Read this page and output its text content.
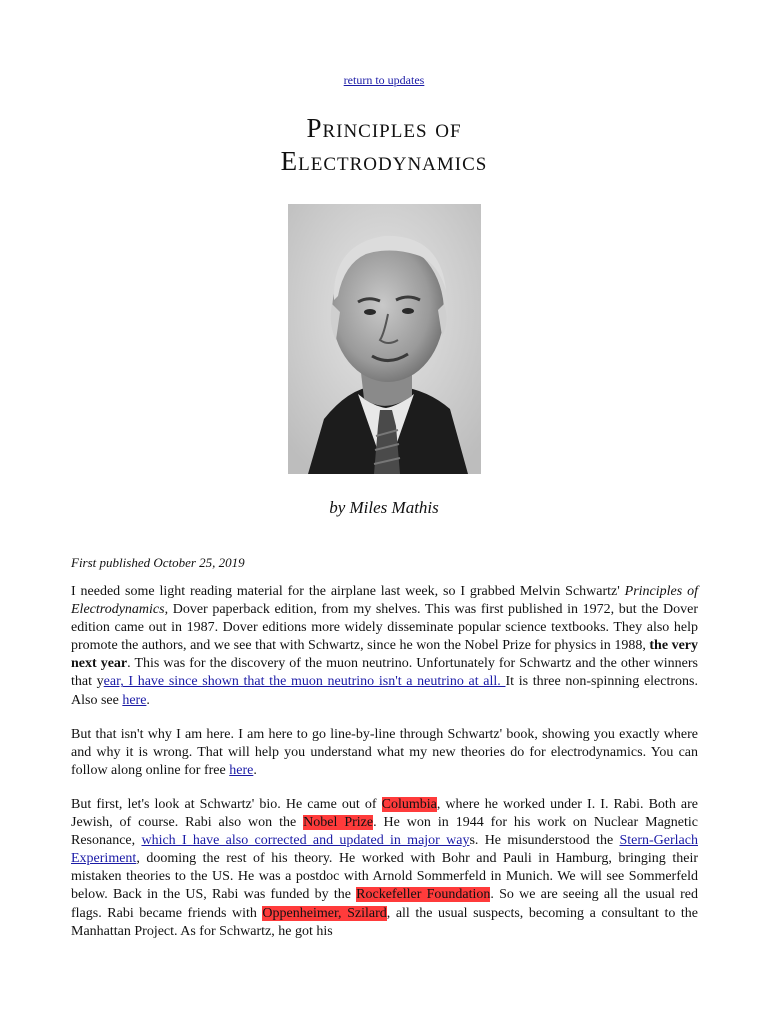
return to updates
Principles of
Electrodynamics
by Miles Mathis
First published October 25, 2019

I needed some light reading material for the airplane last week, so I grabbed Melvin Schwartz' Principles of Electrodynamics, Dover paperback edition, from my shelves. This was first published in 1972, but the Dover edition came out in 1987. Dover editions more widely disseminate popular science textbooks. They also help promote the authors, and we see that with Schwartz, since he won the Nobel Prize for physics in 1988, the very next year. This was for the discovery of the muon neutrino. Unfortunately for Schwartz and the other winners that year, I have since shown that the muon neutrino isn't a neutrino at all. It is three non-spinning electrons. Also see here.

But that isn't why I am here. I am here to go line-by-line through Schwartz' book, showing you exactly where and why it is wrong. That will help you understand what my new theories do for electrodynamics. You can follow along online for free here.

But first, let's look at Schwartz' bio. He came out of Columbia, where he worked under I. I. Rabi. Both are Jewish, of course. Rabi also won the Nobel Prize. He won in 1944 for his work on Nuclear Magnetic Resonance, which I have also corrected and updated in major ways. He misunderstood the Stern-Gerlach Experiment, dooming the rest of his theory. He worked with Bohr and Pauli in Hamburg, bringing their mistaken theories to the US. He was a postdoc with Arnold Sommerfeld in Munich. We will see Sommerfeld below. Back in the US, Rabi was funded by the Rockefeller Foundation. So we are seeing all the usual red flags. Rabi became friends with Oppenheimer, Szilard, all the usual suspects, becoming a consultant to the Manhattan Project. As for Schwartz, he got his
